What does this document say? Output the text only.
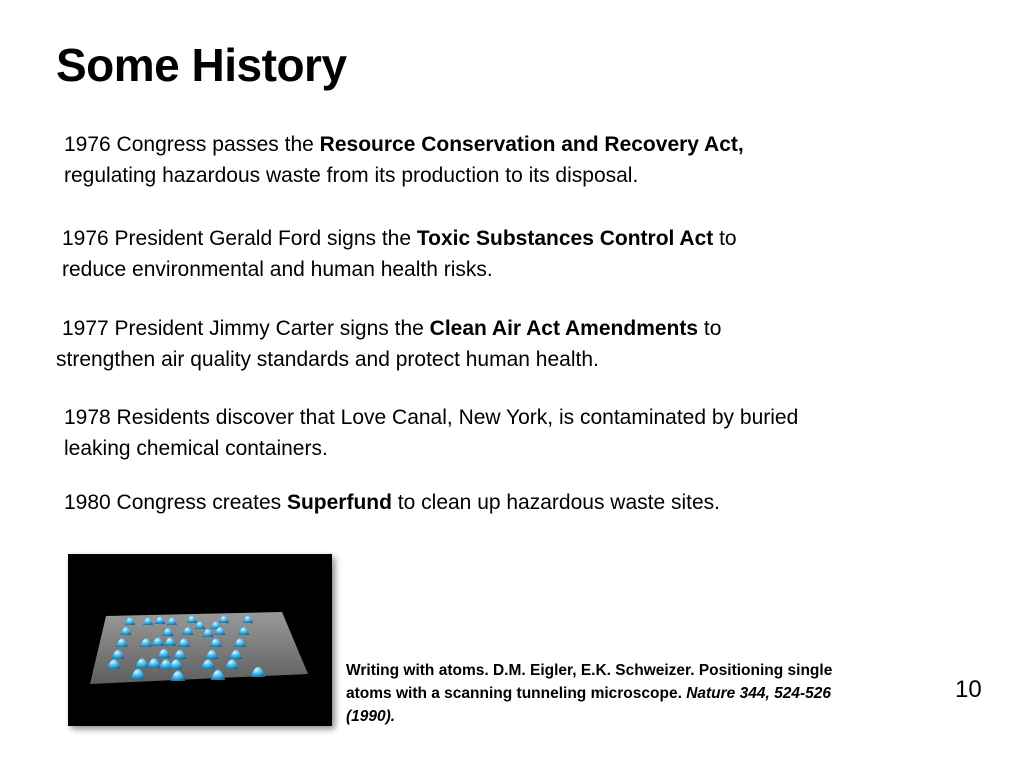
Some History

1976 Congress passes the Resource Conservation and Recovery Act,
regulating hazardous waste from its production to its disposal.

1976 President Gerald Ford signs the Toxic Substances Control Act to
reduce environmental and human health risks.

1977 President Jimmy Carter signs the Clean Air Act Amendments to
strengthen air quality standards and protect human health.

1978 Residents discover that Love Canal, New York, is contaminated by buried
leaking chemical containers.

1980 Congress creates Superfund to clean up hazardous waste sites.

Writing with atoms. D.M. Eigler, E.K. Schweizer. Positioning single
atoms with a scanning tunneling microscope. Nature 344, 524-526
(1990).

10
